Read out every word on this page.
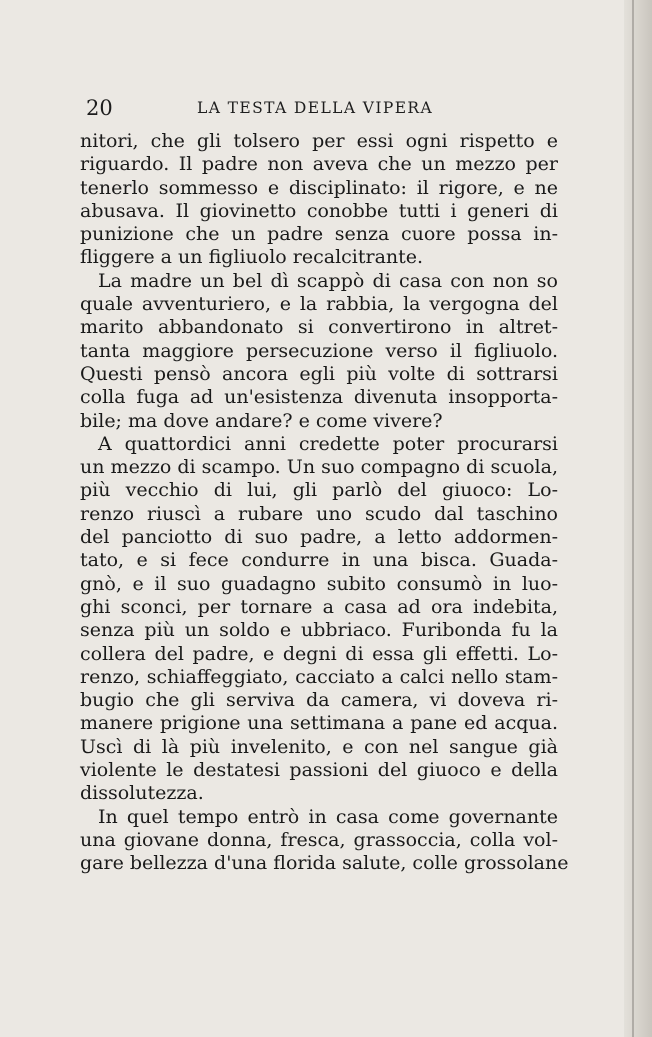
20	LA TESTA DELLA VIPERA
nitori, che gli tolsero per essi ogni rispetto e
riguardo. Il padre non aveva che un mezzo per
tenerlo sommesso e disciplinato: il rigore, e ne
abusava. Il giovinetto conobbe tutti i generi di
punizione che un padre senza cuore possa in-
fliggere a un figliuolo recalcitrante.
La madre un bel dì scappò di casa con non so
quale avventuriero, e la rabbia, la vergogna del
marito abbandonato si convertirono in altret-
tanta maggiore persecuzione verso il figliuolo.
Questi pensò ancora egli più volte di sottrarsi
colla fuga ad un'esistenza divenuta insopporta-
bile; ma dove andare? e come vivere?
A quattordici anni credette poter procurarsi
un mezzo di scampo. Un suo compagno di scuola,
più vecchio di lui, gli parlò del giuoco: Lo-
renzo riuscì a rubare uno scudo dal taschino
del panciotto di suo padre, a letto addormen-
tato, e si fece condurre in una bisca. Guada-
gnò, e il suo guadagno subito consumò in luo-
ghi sconci, per tornare a casa ad ora indebita,
senza più un soldo e ubbriaco. Furibonda fu la
collera del padre, e degni di essa gli effetti. Lo-
renzo, schiaffeggiato, cacciato a calci nello stam-
bugio che gli serviva da camera, vi doveva ri-
manere prigione una settimana a pane ed acqua.
Uscì di là più invelenito, e con nel sangue già
violente le destatesi passioni del giuoco e della
dissolutezza.
In quel tempo entrò in casa come governante
una giovane donna, fresca, grassoccia, colla vol-
gare bellezza d'una florida salute, colle grossolane
